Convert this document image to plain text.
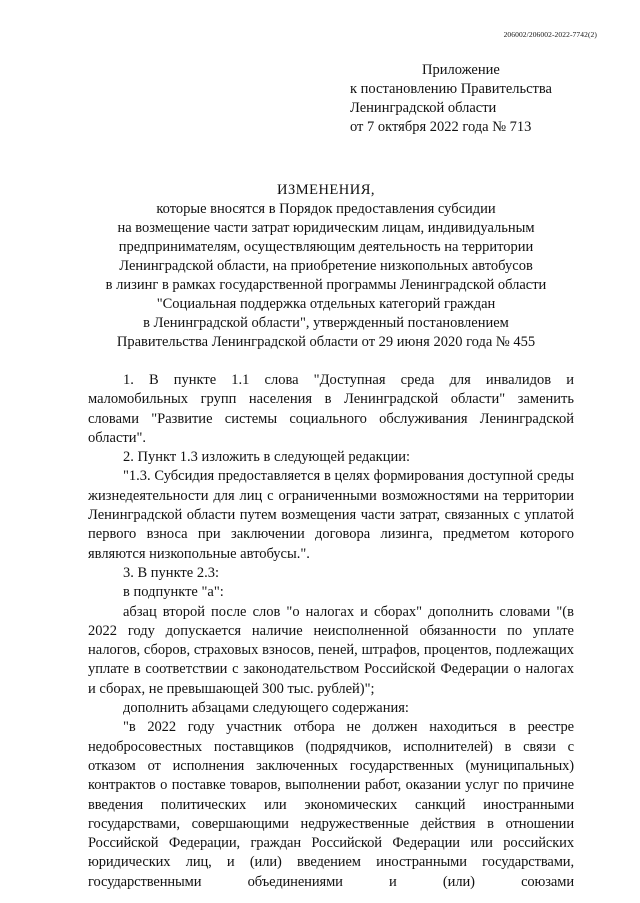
206002/206002-2022-7742(2)
Приложение
к постановлению Правительства
Ленинградской области
от 7 октября 2022 года № 713
ИЗМЕНЕНИЯ,
которые вносятся в Порядок предоставления субсидии
на возмещение части затрат юридическим лицам, индивидуальным
предпринимателям, осуществляющим деятельность на территории
Ленинградской области, на приобретение низкопольных автобусов
в лизинг в рамках государственной программы Ленинградской области
"Социальная поддержка отдельных категорий граждан
в Ленинградской области", утвержденный постановлением
Правительства Ленинградской области от 29 июня 2020 года № 455

1. В пункте 1.1 слова "Доступная среда для инвалидов и маломобильных групп населения в Ленинградской области" заменить словами "Развитие системы социального обслуживания Ленинградской области".

2. Пункт 1.3 изложить в следующей редакции:

"1.3. Субсидия предоставляется в целях формирования доступной среды жизнедеятельности для лиц с ограниченными возможностями на территории Ленинградской области путем возмещения части затрат, связанных с уплатой первого взноса при заключении договора лизинга, предметом которого являются низкопольные автобусы.".

3. В пункте 2.3:

в подпункте "а":

абзац второй после слов "о налогах и сборах" дополнить словами "(в 2022 году допускается наличие неисполненной обязанности по уплате налогов, сборов, страховых взносов, пеней, штрафов, процентов, подлежащих уплате в соответствии с законодательством Российской Федерации о налогах и сборах, не превышающей 300 тыс. рублей)";

дополнить абзацами следующего содержания:

"в 2022 году участник отбора не должен находиться в реестре недобросовестных поставщиков (подрядчиков, исполнителей) в связи с отказом от исполнения заключенных государственных (муниципальных) контрактов о поставке товаров, выполнении работ, оказании услуг по причине введения политических или экономических санкций иностранными государствами, совершающими недружественные действия в отношении Российской Федерации, граждан Российской Федерации или российских юридических лиц, и (или) введением иностранными государствами, государственными объединениями и (или) союзами
